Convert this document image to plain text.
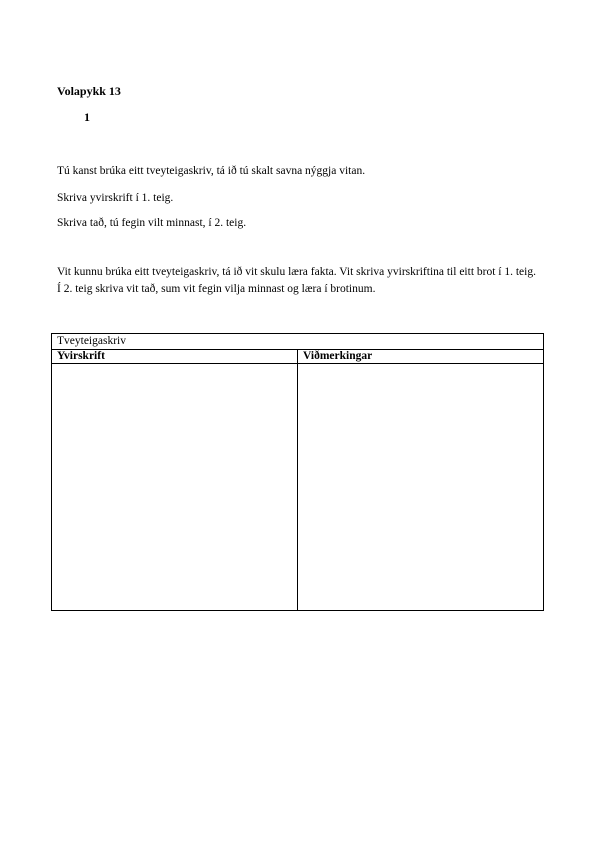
Volapykk 13
1

Tú kanst brúka eitt tveyteigaskriv, tá ið tú skalt savna nýggja vitan.

Skriva yvirskrift í 1. teig.

Skriva tað, tú fegin vilt minnast, í 2. teig.

Vit kunnu brúka eitt tveyteigaskriv, tá ið vit skulu læra fakta. Vit skriva yvirskriftina til eitt brot í 1. teig. Í 2. teig skriva vit tað, sum vit fegin vilja minnast og læra í brotinum.

Tveyteigaskriv
Yvirskrift	Viðmerkingar
